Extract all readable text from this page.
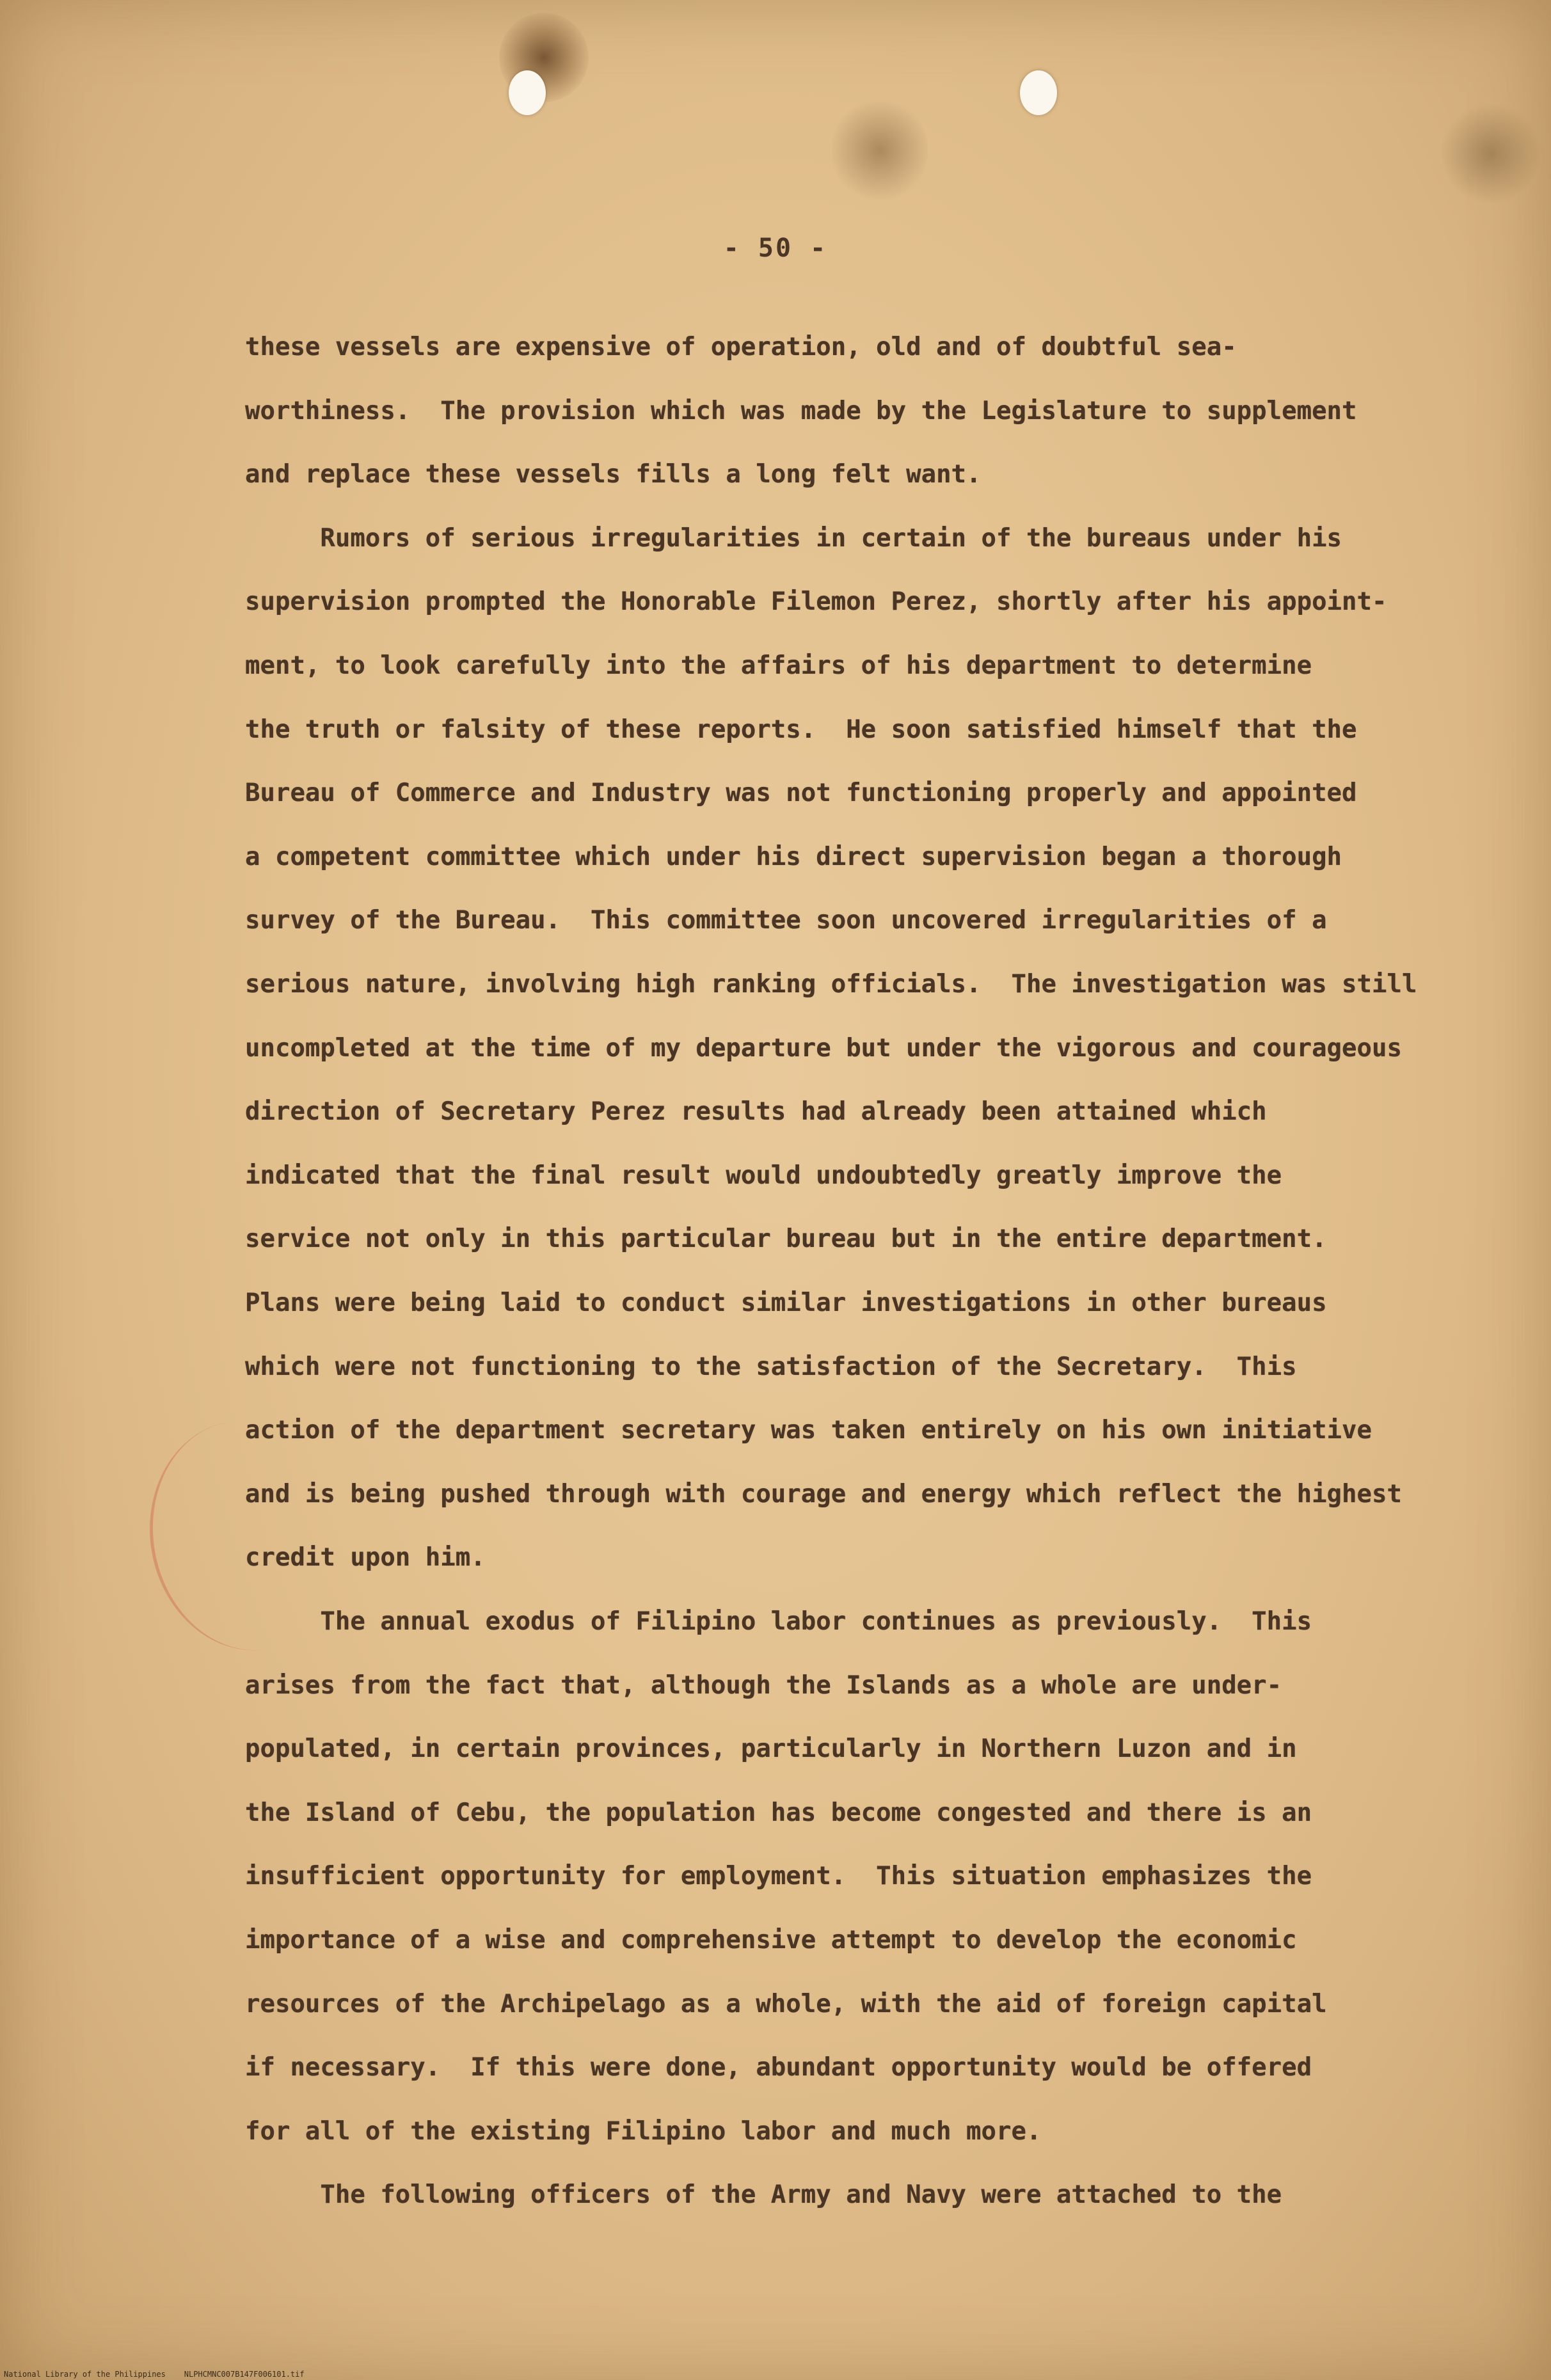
- 50 -
these vessels are expensive of operation, old and of doubtful sea-
worthiness.  The provision which was made by the Legislature to supplement
and replace these vessels fills a long felt want.
Rumors of serious irregularities in certain of the bureaus under his
supervision prompted the Honorable Filemon Perez, shortly after his appoint-
ment, to look carefully into the affairs of his department to determine
the truth or falsity of these reports.  He soon satisfied himself that the
Bureau of Commerce and Industry was not functioning properly and appointed
a competent committee which under his direct supervision began a thorough
survey of the Bureau.  This committee soon uncovered irregularities of a
serious nature, involving high ranking officials.  The investigation was still
uncompleted at the time of my departure but under the vigorous and courageous
direction of Secretary Perez results had already been attained which
indicated that the final result would undoubtedly greatly improve the
service not only in this particular bureau but in the entire department.
Plans were being laid to conduct similar investigations in other bureaus
which were not functioning to the satisfaction of the Secretary.  This
action of the department secretary was taken entirely on his own initiative
and is being pushed through with courage and energy which reflect the highest
credit upon him.
The annual exodus of Filipino labor continues as previously.  This
arises from the fact that, although the Islands as a whole are under-
populated, in certain provinces, particularly in Northern Luzon and in
the Island of Cebu, the population has become congested and there is an
insufficient opportunity for employment.  This situation emphasizes the
importance of a wise and comprehensive attempt to develop the economic
resources of the Archipelago as a whole, with the aid of foreign capital
if necessary.  If this were done, abundant opportunity would be offered
for all of the existing Filipino labor and much more.
The following officers of the Army and Navy were attached to the
National Library of the Philippines    NLPHCMNC007B147F006101.tif
